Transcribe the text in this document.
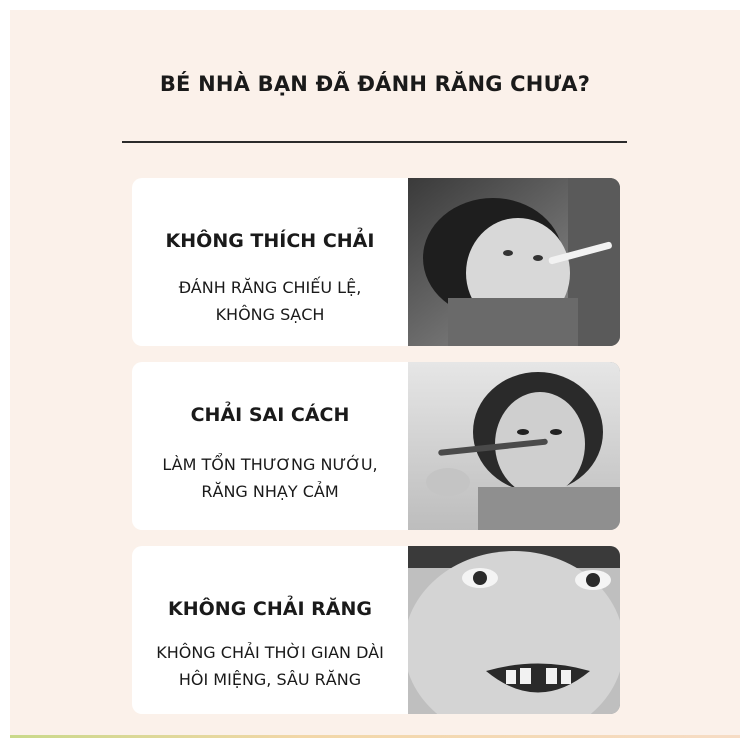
BÉ NHÀ BẠN ĐÃ ĐÁNH RĂNG CHƯA?
KHÔNG THÍCH CHẢI
ĐÁNH RĂNG CHIẾU LỆ,
KHÔNG SẠCH
CHẢI SAI CÁCH
LÀM TỔN THƯƠNG NƯỚU,
RĂNG NHẠY CẢM
KHÔNG CHẢI RĂNG
KHÔNG CHẢI THỜI GIAN DÀI
HÔI MIỆNG, SÂU RĂNG
